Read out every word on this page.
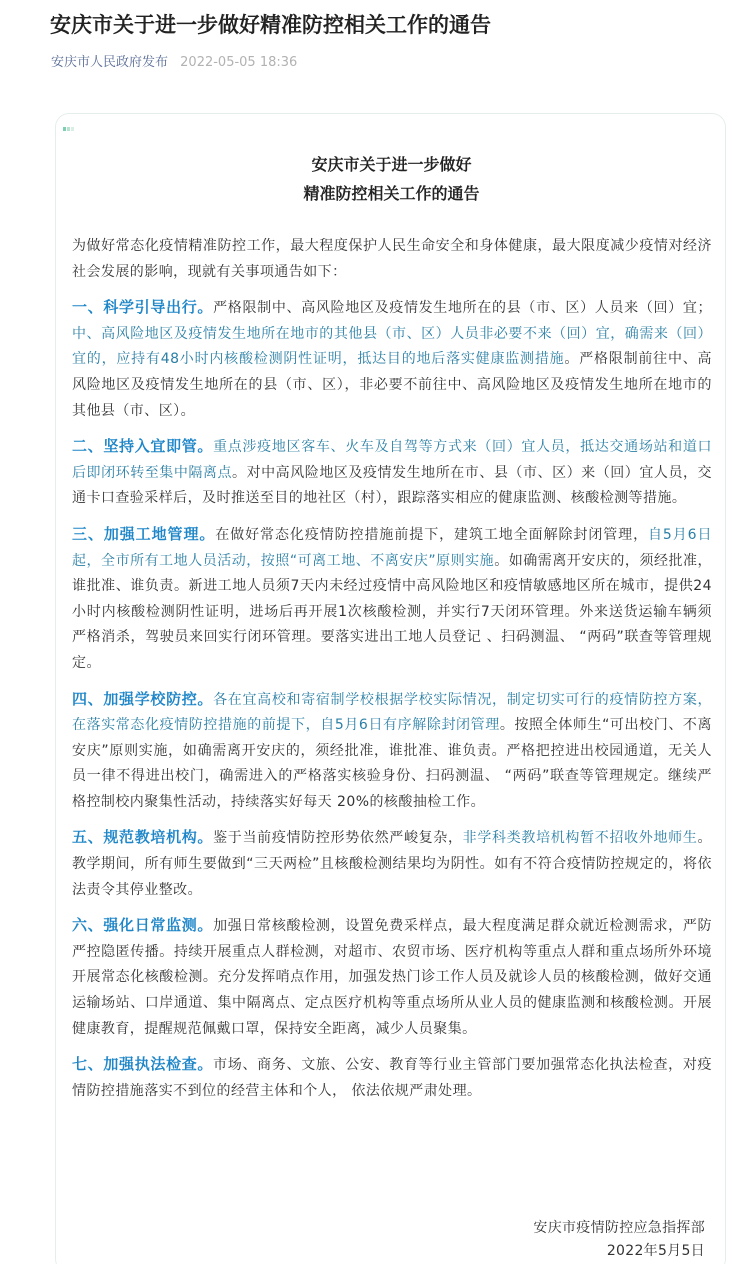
安庆市关于进一步做好精准防控相关工作的通告
安庆市人民政府发布 2022-05-05 18:36
安庆市关于进一步做好
精准防控相关工作的通告

为做好常态化疫情精准防控工作，最大程度保护人民生命安全和身体健康，最大限度减少疫情对经济社会发展的影响，现就有关事项通告如下：

一、科学引导出行。严格限制中、高风险地区及疫情发生地所在的县（市、区）人员来（回）宜；中、高风险地区及疫情发生地所在地市的其他县（市、区）人员非必要不来（回）宜，确需来（回）宜的，应持有48小时内核酸检测阴性证明，抵达目的地后落实健康监测措施。严格限制前往中、高风险地区及疫情发生地所在的县（市、区），非必要不前往中、高风险地区及疫情发生地所在地市的其他县（市、区）。

二、坚持入宜即管。重点涉疫地区客车、火车及自驾等方式来（回）宜人员，抵达交通场站和道口后即闭环转至集中隔离点。对中高风险地区及疫情发生地所在市、县（市、区）来（回）宜人员，交通卡口查验采样后，及时推送至目的地社区（村），跟踪落实相应的健康监测、核酸检测等措施。

三、加强工地管理。在做好常态化疫情防控措施前提下，建筑工地全面解除封闭管理，自5月6日起，全市所有工地人员活动，按照“可离工地、不离安庆”原则实施。如确需离开安庆的，须经批准，谁批准、谁负责。新进工地人员须7天内未经过疫情中高风险地区和疫情敏感地区所在城市，提供24小时内核酸检测阴性证明，进场后再开展1次核酸检测，并实行7天闭环管理。外来送货运输车辆须严格消杀，驾驶员来回实行闭环管理。要落实进出工地人员登记 、扫码测温、 “两码”联查等管理规定。

四、加强学校防控。各在宜高校和寄宿制学校根据学校实际情况，制定切实可行的疫情防控方案，在落实常态化疫情防控措施的前提下，自5月6日有序解除封闭管理。按照全体师生“可出校门、不离安庆”原则实施，如确需离开安庆的，须经批准，谁批准、谁负责。严格把控进出校园通道，无关人员一律不得进出校门，确需进入的严格落实核验身份、扫码测温、 “两码”联查等管理规定。继续严格控制校内聚集性活动，持续落实好每天 20%的核酸抽检工作。

五、规范教培机构。鉴于当前疫情防控形势依然严峻复杂，非学科类教培机构暂不招收外地师生。教学期间，所有师生要做到“三天两检”且核酸检测结果均为阴性。如有不符合疫情防控规定的，将依法责令其停业整改。

六、强化日常监测。加强日常核酸检测，设置免费采样点，最大程度满足群众就近检测需求，严防严控隐匿传播。持续开展重点人群检测，对超市、农贸市场、医疗机构等重点人群和重点场所外环境开展常态化核酸检测。充分发挥哨点作用，加强发热门诊工作人员及就诊人员的核酸检测，做好交通运输场站、口岸通道、集中隔离点、定点医疗机构等重点场所从业人员的健康监测和核酸检测。开展健康教育，提醒规范佩戴口罩，保持安全距离，减少人员聚集。

七、加强执法检查。市场、商务、文旅、公安、教育等行业主管部门要加强常态化执法检查，对疫情防控措施落实不到位的经营主体和个人， 依法依规严肃处理。

安庆市疫情防控应急指挥部
2022年5月5日
